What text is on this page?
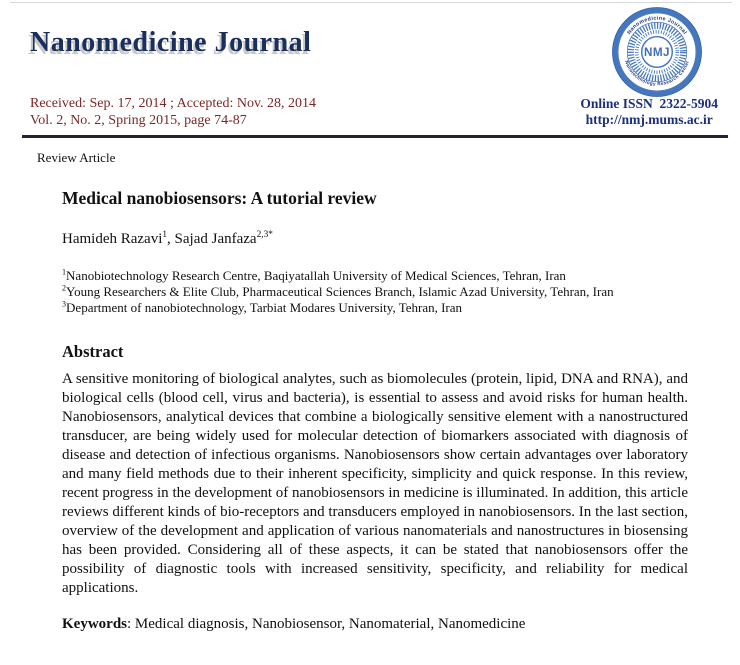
Nanomedicine Journal	Nanomedicine Journal
Nanotechnology Research Center
NMJ
Received: Sep. 17, 2014 ; Accepted: Nov. 28, 2014
Vol. 2, No. 2, Spring 2015, page 74-87
Online ISSN  2322-5904
http://nmj.mums.ac.ir
Review Article
Medical nanobiosensors: A tutorial review
Hamideh Razavi$^1$, Sajad Janfaza$^{2,3*}$
$^1$Nanobiotechnology Research Centre, Baqiyatallah University of Medical Sciences, Tehran, Iran
$^2$Young Researchers & Elite Club, Pharmaceutical Sciences Branch, Islamic Azad University, Tehran, Iran
$^3$Department of nanobiotechnology, Tarbiat Modares University, Tehran, Iran
Abstract
A sensitive monitoring of biological analytes, such as biomolecules (protein, lipid, DNA and RNA), and biological cells (blood cell, virus and bacteria), is essential to assess and avoid risks for human health. Nanobiosensors, analytical devices that combine a biologically sensitive element with a nanostructured transducer, are being widely used for molecular detection of biomarkers associated with diagnosis of disease and detection of infectious organisms. Nanobiosensors show certain advantages over laboratory and many field methods due to their inherent specificity, simplicity and quick response. In this review, recent progress in the development of nanobiosensors in medicine is illuminated. In addition, this article reviews different kinds of bio-receptors and transducers employed in nanobiosensors. In the last section, overview of the development and application of various nanomaterials and nanostructures in biosensing has been provided. Considering all of these aspects, it can be stated that nanobiosensors offer the possibility of diagnostic tools with increased sensitivity, specificity, and reliability for medical applications.
Keywords: Medical diagnosis, Nanobiosensor, Nanomaterial, Nanomedicine
